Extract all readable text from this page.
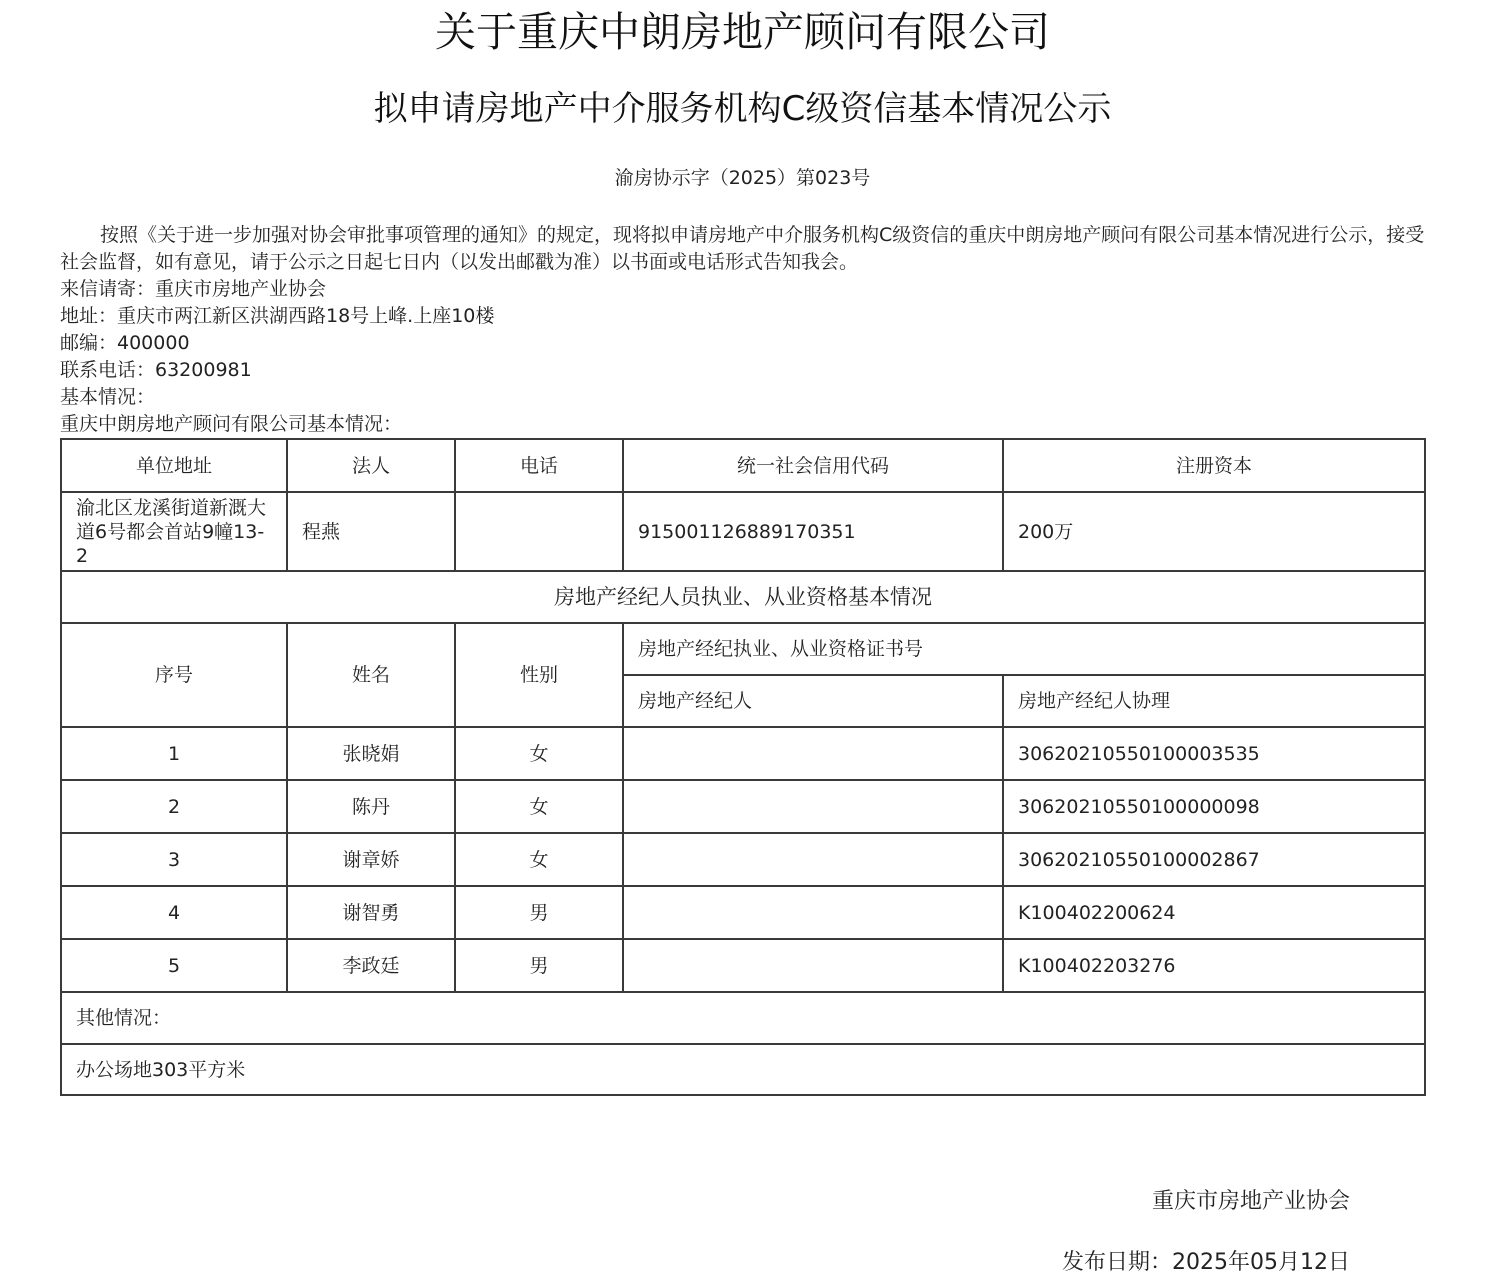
关于重庆中朗房地产顾问有限公司
拟申请房地产中介服务机构C级资信基本情况公示
渝房协示字（2025）第023号

按照《关于进一步加强对协会审批事项管理的通知》的规定，现将拟申请房地产中介服务机构C级资信的重庆中朗房地产顾问有限公司基本情况进行公示，接受社会监督，如有意见，请于公示之日起七日内（以发出邮戳为准）以书面或电话形式告知我会。

来信请寄：重庆市房地产业协会

地址：重庆市两江新区洪湖西路18号上峰.上座10楼

邮编：400000

联系电话：63200981

基本情况：

重庆中朗房地产顾问有限公司基本情况：

单位地址	法人	电话	统一社会信用代码	注册资本
渝北区龙溪街道新溉大道6号都会首站9幢13-2	程燕		915001126889170351	200万
房地产经纪人员执业、从业资格基本情况				
序号	姓名	性别	房地产经纪执业、从业资格证书号	
			房地产经纪人	房地产经纪人协理
1	张晓娟	女		30620210550100003535
2	陈丹	女		30620210550100000098
3	谢章娇	女		30620210550100002867
4	谢智勇	男		K100402200624
5	李政廷	男		K100402203276
其他情况：				
办公场地303平方米				
重庆市房地产业协会
发布日期：2025年05月12日
